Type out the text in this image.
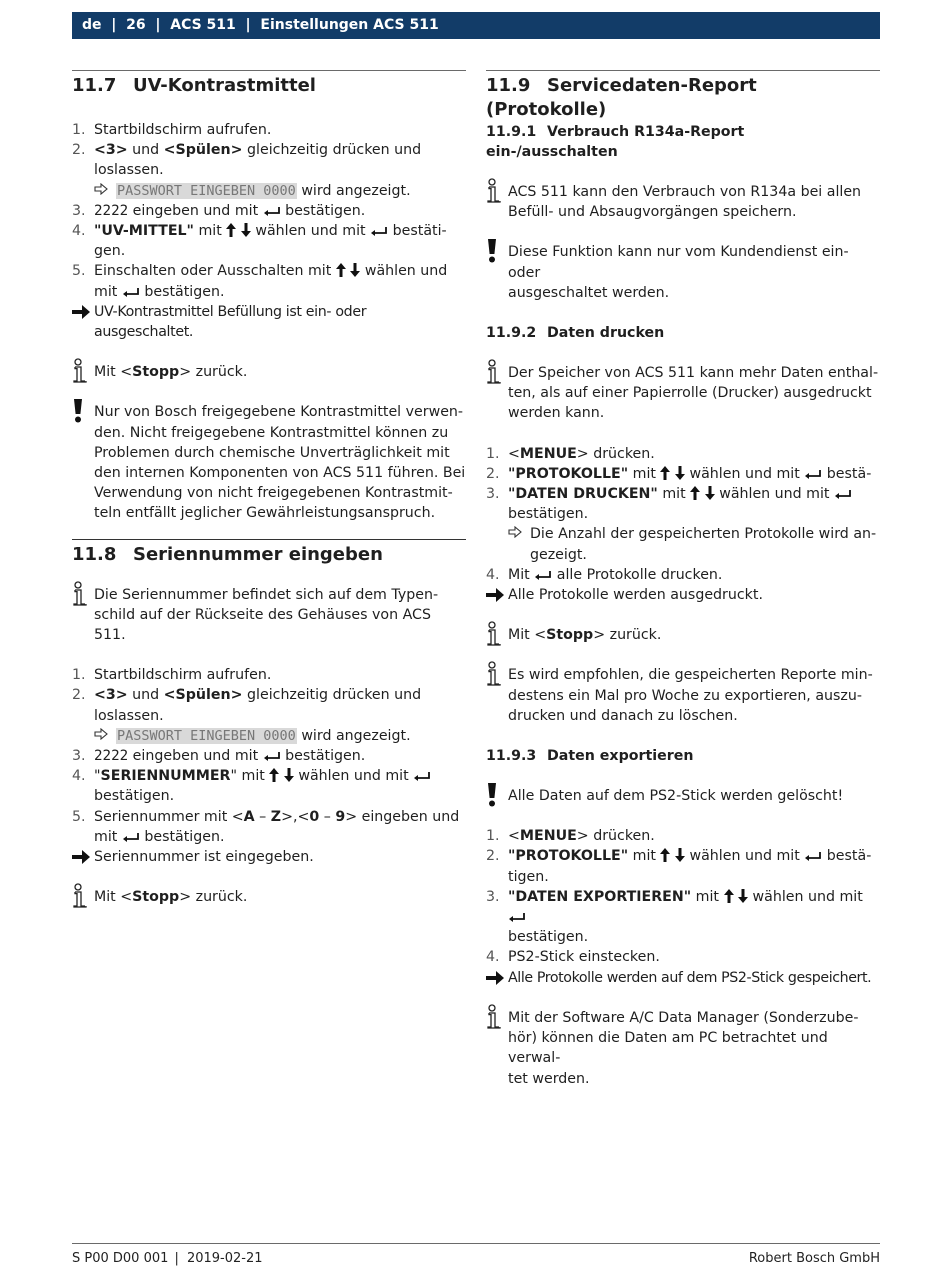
de  |  26  |  ACS 511  |  Einstellungen ACS 511
11.7 UV-Kontrastmittel
1. Startbildschirm aufrufen.
2. <3> und <Spülen> gleichzeitig drücken und loslassen.
PASSWORT EINGEBEN 0000 wird angezeigt.
3. 2222 eingeben und mit  bestätigen.
4. "UV-MITTEL" mit   wählen und mit  bestäti-
gen.
5. Einschalten oder Ausschalten mit   wählen und
mit  bestätigen.
UV-Kontrastmittel Befüllung ist ein- oder ausgeschaltet.
Mit <Stopp> zurück.
Nur von Bosch freigegebene Kontrastmittel verwen-
den. Nicht freigegebene Kontrastmittel können zu
Problemen durch chemische Unverträglichkeit mit
den internen Komponenten von ACS 511 führen. Bei
Verwendung von nicht freigegebenen Kontrastmit-
teln entfällt jeglicher Gewährleistungsanspruch.
11.8 Seriennummer eingeben
Die Seriennummer befindet sich auf dem Typen-
schild auf der Rückseite des Gehäuses von ACS 511.
1. Startbildschirm aufrufen.
2. <3> und <Spülen> gleichzeitig drücken und loslassen.
PASSWORT EINGEBEN 0000 wird angezeigt.
3. 2222 eingeben und mit  bestätigen.
4. "SERIENNUMMER" mit   wählen und mit
bestätigen.
5. Seriennummer mit <A – Z>,<0 – 9> eingeben und
mit  bestätigen.
Seriennummer ist eingegeben.
Mit <Stopp> zurück.
11.9 Servicedaten-Report (Protokolle)
11.9.1 Verbrauch R134a-Report ein-/ausschalten
ACS 511 kann den Verbrauch von R134a bei allen
Befüll- und Absaugvorgängen speichern.
Diese Funktion kann nur vom Kundendienst ein- oder
ausgeschaltet werden.
11.9.2 Daten drucken
Der Speicher von ACS 511 kann mehr Daten enthal-
ten, als auf einer Papierrolle (Drucker) ausgedruckt
werden kann.
1. <MENUE> drücken.
2. "PROTOKOLLE" mit   wählen und mit  bestä-
3. "DATEN DRUCKEN" mit   wählen und mit
bestätigen.
Die Anzahl der gespeicherten Protokolle wird an-
gezeigt.
4. Mit  alle Protokolle drucken.
Alle Protokolle werden ausgedruckt.
Mit <Stopp> zurück.
Es wird empfohlen, die gespeicherten Reporte min-
destens ein Mal pro Woche zu exportieren, auszu-
drucken und danach zu löschen.
11.9.3 Daten exportieren
Alle Daten auf dem PS2-Stick werden gelöscht!
1. <MENUE> drücken.
2. "PROTOKOLLE" mit   wählen und mit  bestä-
tigen.
3. "DATEN EXPORTIEREN" mit   wählen und mit
bestätigen.
4. PS2-Stick einstecken.
Alle Protokolle werden auf dem PS2-Stick gespeichert.
Mit der Software A/C Data Manager (Sonderzube-
hör) können die Daten am PC betrachtet und verwal-
tet werden.
S P00 D00 001 | 2019-02-21	Robert Bosch GmbH
